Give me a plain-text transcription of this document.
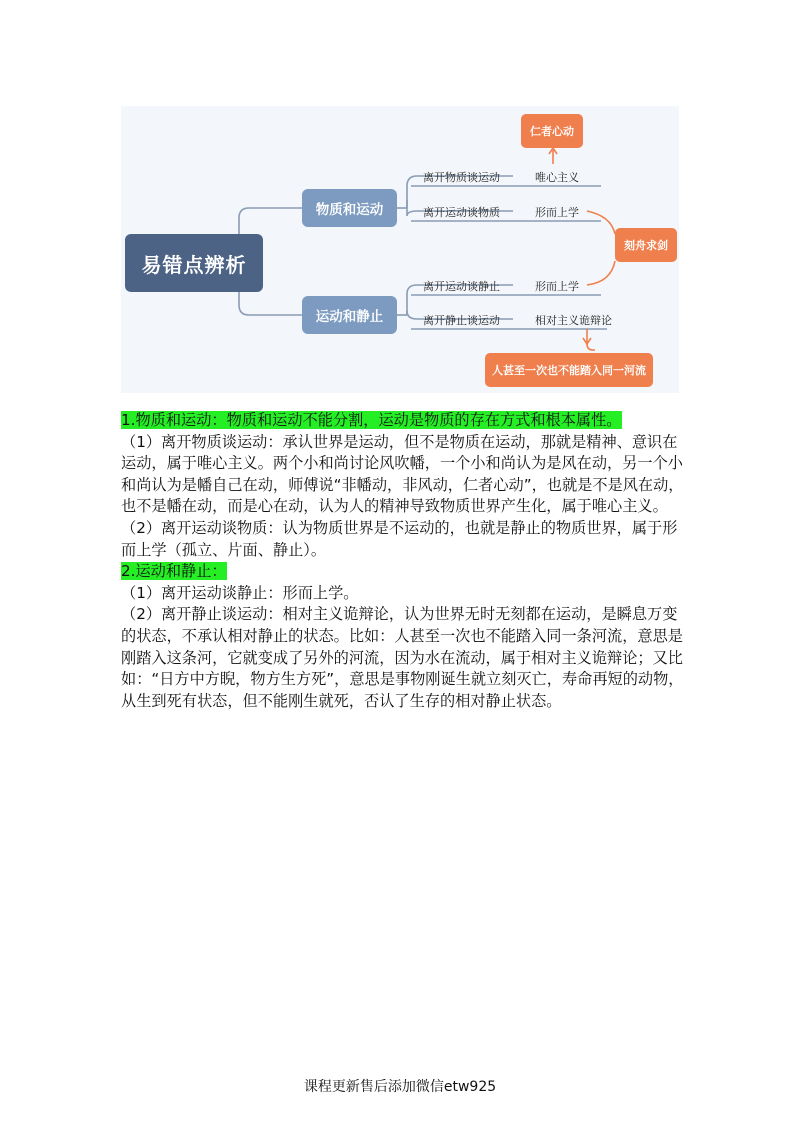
易错点辨析
物质和运动
运动和静止
离开物质谈运动	唯心主义
离开运动谈物质	形而上学
离开运动谈静止	形而上学
离开静止谈运动	相对主义诡辩论
仁者心动
刻舟求剑
人甚至一次也不能踏入同一河流

1.物质和运动：物质和运动不能分割，运动是物质的存在方式和根本属性。

（1）离开物质谈运动：承认世界是运动，但不是物质在运动，那就是精神、意识在运动，属于唯心主义。两个小和尚讨论风吹幡，一个小和尚认为是风在动，另一个小和尚认为是幡自己在动，师傅说“非幡动，非风动，仁者心动”，也就是不是风在动，也不是幡在动，而是心在动，认为人的精神导致物质世界产生化，属于唯心主义。

（2）离开运动谈物质：认为物质世界是不运动的，也就是静止的物质世界，属于形而上学（孤立、片面、静止）。

2.运动和静止：

（1）离开运动谈静止：形而上学。

（2）离开静止谈运动：相对主义诡辩论，认为世界无时无刻都在运动，是瞬息万变的状态，不承认相对静止的状态。比如：人甚至一次也不能踏入同一条河流，意思是刚踏入这条河，它就变成了另外的河流，因为水在流动，属于相对主义诡辩论；又比如：“日方中方睨，物方生方死”，意思是事物刚诞生就立刻灭亡，寿命再短的动物，从生到死有状态，但不能刚生就死，否认了生存的相对静止状态。

课程更新售后添加微信etw925
